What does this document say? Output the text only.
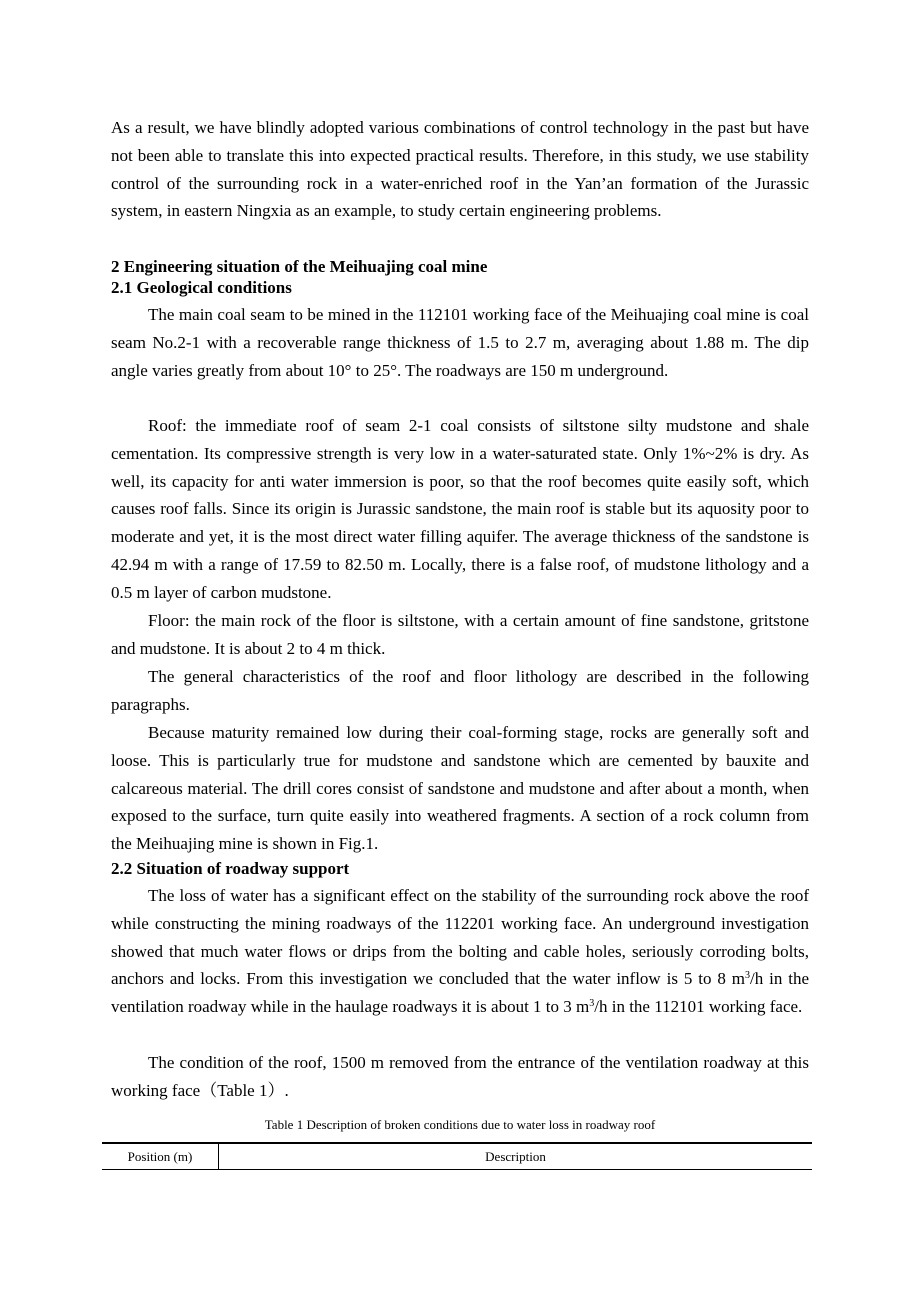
As a result, we have blindly adopted various combinations of control technology in the past but have not been able to translate this into expected practical results. Therefore, in this study, we use stability control of the surrounding rock in a water-enriched roof in the Yan’an formation of the Jurassic system, in eastern Ningxia as an example, to study certain engineering problems.

2 Engineering situation of the Meihuajing coal mine

2.1 Geological conditions

The main coal seam to be mined in the 112101 working face of the Meihuajing coal mine is coal seam No.2-1 with a recoverable range thickness of 1.5 to 2.7 m, averaging about 1.88 m. The dip angle varies greatly from about 10° to 25°. The roadways are 150 m underground.

Roof: the immediate roof of seam 2-1 coal consists of siltstone silty mudstone and shale cementation. Its compressive strength is very low in a water-saturated state. Only 1%~2% is dry. As well, its capacity for anti water immersion is poor, so that the roof becomes quite easily soft, which causes roof falls. Since its origin is Jurassic sandstone, the main roof is stable but its aquosity poor to moderate and yet, it is the most direct water filling aquifer. The average thickness of the sandstone is 42.94 m with a range of 17.59 to 82.50 m. Locally, there is a false roof, of mudstone lithology and a 0.5 m layer of carbon mudstone.

Floor: the main rock of the floor is siltstone, with a certain amount of fine sandstone, gritstone and mudstone. It is about 2 to 4 m thick.

The general characteristics of the roof and floor lithology are described in the following paragraphs.

Because maturity remained low during their coal-forming stage, rocks are generally soft and loose. This is particularly true for mudstone and sandstone which are cemented by bauxite and calcareous material. The drill cores consist of sandstone and mudstone and after about a month, when exposed to the surface, turn quite easily into weathered fragments. A section of a rock column from the Meihuajing mine is shown in Fig.1.

2.2 Situation of roadway support

The loss of water has a significant effect on the stability of the surrounding rock above the roof while constructing the mining roadways of the 112201 working face. An underground investigation showed that much water flows or drips from the bolting and cable holes, seriously corroding bolts, anchors and locks. From this investigation we concluded that the water inflow is 5 to 8 $m^3/h$ in the ventilation roadway while in the haulage roadways it is about 1 to 3 $m^3/h$ in the 112101 working face.

The condition of the roof, 1500 m removed from the entrance of the ventilation roadway at this working face（Table 1）.

Table 1 Description of broken conditions due to water loss in roadway roof
Position (m)	Description
